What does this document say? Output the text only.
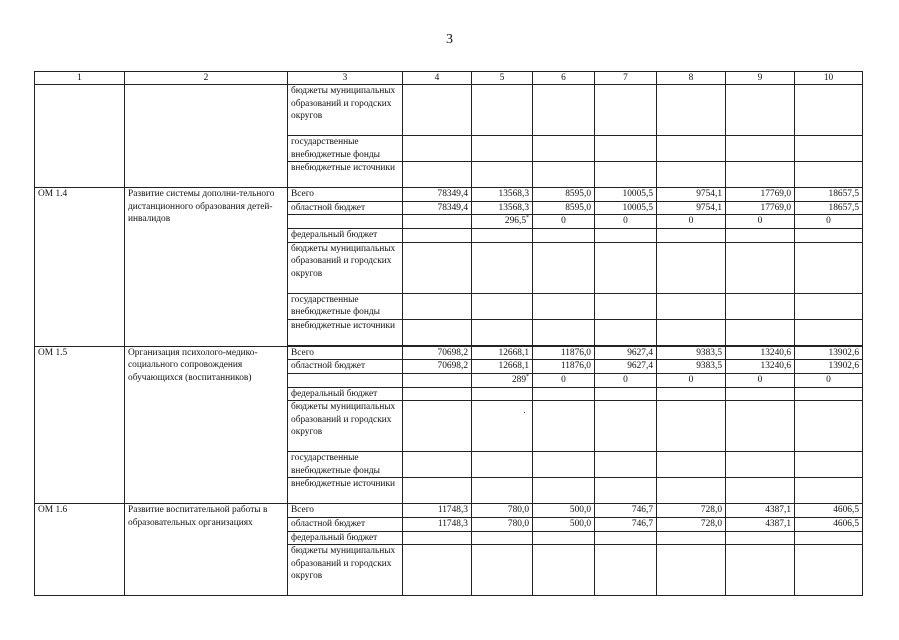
3
1	2	3	4	5	6	7	8	9	10
		бюджеты муниципальных образований и городских округов							
		государственные внебюджетные фонды							
		внебюджетные источники							
ОМ 1.4	Развитие системы дополни-тельного дистанционного образования детей-инвалидов	Всего	78349,4	13568,3	8595,0	10005,5	9754,1	17769,0	18657,5
		областной бюджет	78349,4	13568,3	8595,0	10005,5	9754,1	17769,0	18657,5
				296,5*	0	0	0	0	0
		федеральный бюджет							
		бюджеты муниципальных образований и городских округов							
		государственные внебюджетные фонды							
		внебюджетные источники							

ОМ 1.5	Организация психолого-медико-социального сопровождения обучающихся (воспитанников)	Всего	70698,2	12668,1	11876,0	9627,4	9383,5	13240,6	13902,6
		областной бюджет	70698,2	12668,1	11876,0	9627,4	9383,5	13240,6	13902,6
				289*	0	0	0	0	0
		федеральный бюджет							
		бюджеты муниципальных образований и городских округов							
		государственные внебюджетные фонды							
		внебюджетные источники							
ОМ 1.6	Развитие воспитательной работы в образовательных организациях	Всего	11748,3	780,0	500,0	746,7	728,0	4387,1	4606,5
		областной бюджет	11748,3	780,0	500,0	746,7	728,0	4387,1	4606,5
		федеральный бюджет							
		бюджеты муниципальных образований и городских округов							
